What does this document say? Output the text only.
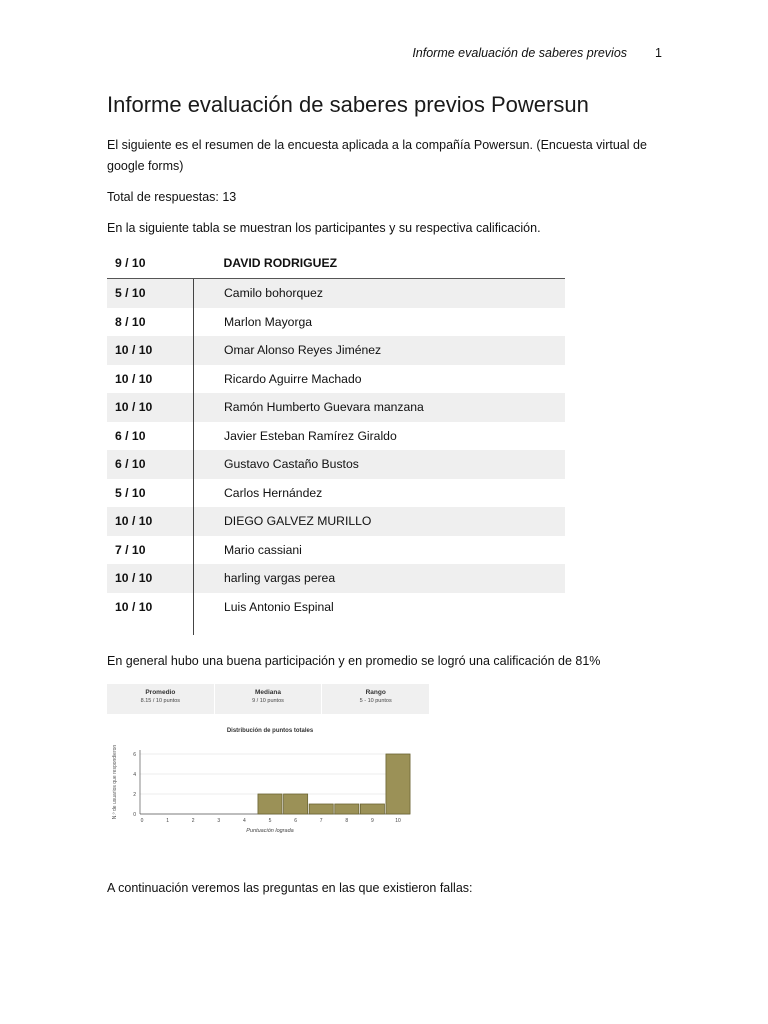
Informe evaluación de saberes previos 1
Informe evaluación de saberes previos Powersun

El siguiente es el resumen de la encuesta aplicada a la compañía Powersun. (Encuesta virtual de google forms)

Total de respuestas: 13

En la siguiente tabla se muestran los participantes y su respectiva calificación.

9 / 10	DAVID RODRIGUEZ
5 / 10	Camilo bohorquez
8 / 10	Marlon Mayorga
10 / 10	Omar Alonso Reyes Jiménez
10 / 10	Ricardo Aguirre Machado
10 / 10	Ramón Humberto Guevara manzana
6 / 10	Javier Esteban Ramírez Giraldo
6 / 10	Gustavo Castaño Bustos
5 / 10	Carlos Hernández
10 / 10	DIEGO GALVEZ MURILLO
7 / 10	Mario cassiani
10 / 10	harling vargas perea
10 / 10	Luis Antonio Espinal

En general hubo una buena participación y en promedio se logró una calificación de 81%

Promedio
8.15 / 10 puntos
Mediana
9 / 10 puntos
Rango
5 - 10 puntos
Distribución de puntos totales
N.º de usuarios que respondieron
Puntuación lograda
0
2
4
6
0	1	2	3	4	5	6	7	8	9	10

A continuación veremos las preguntas en las que existieron fallas:
